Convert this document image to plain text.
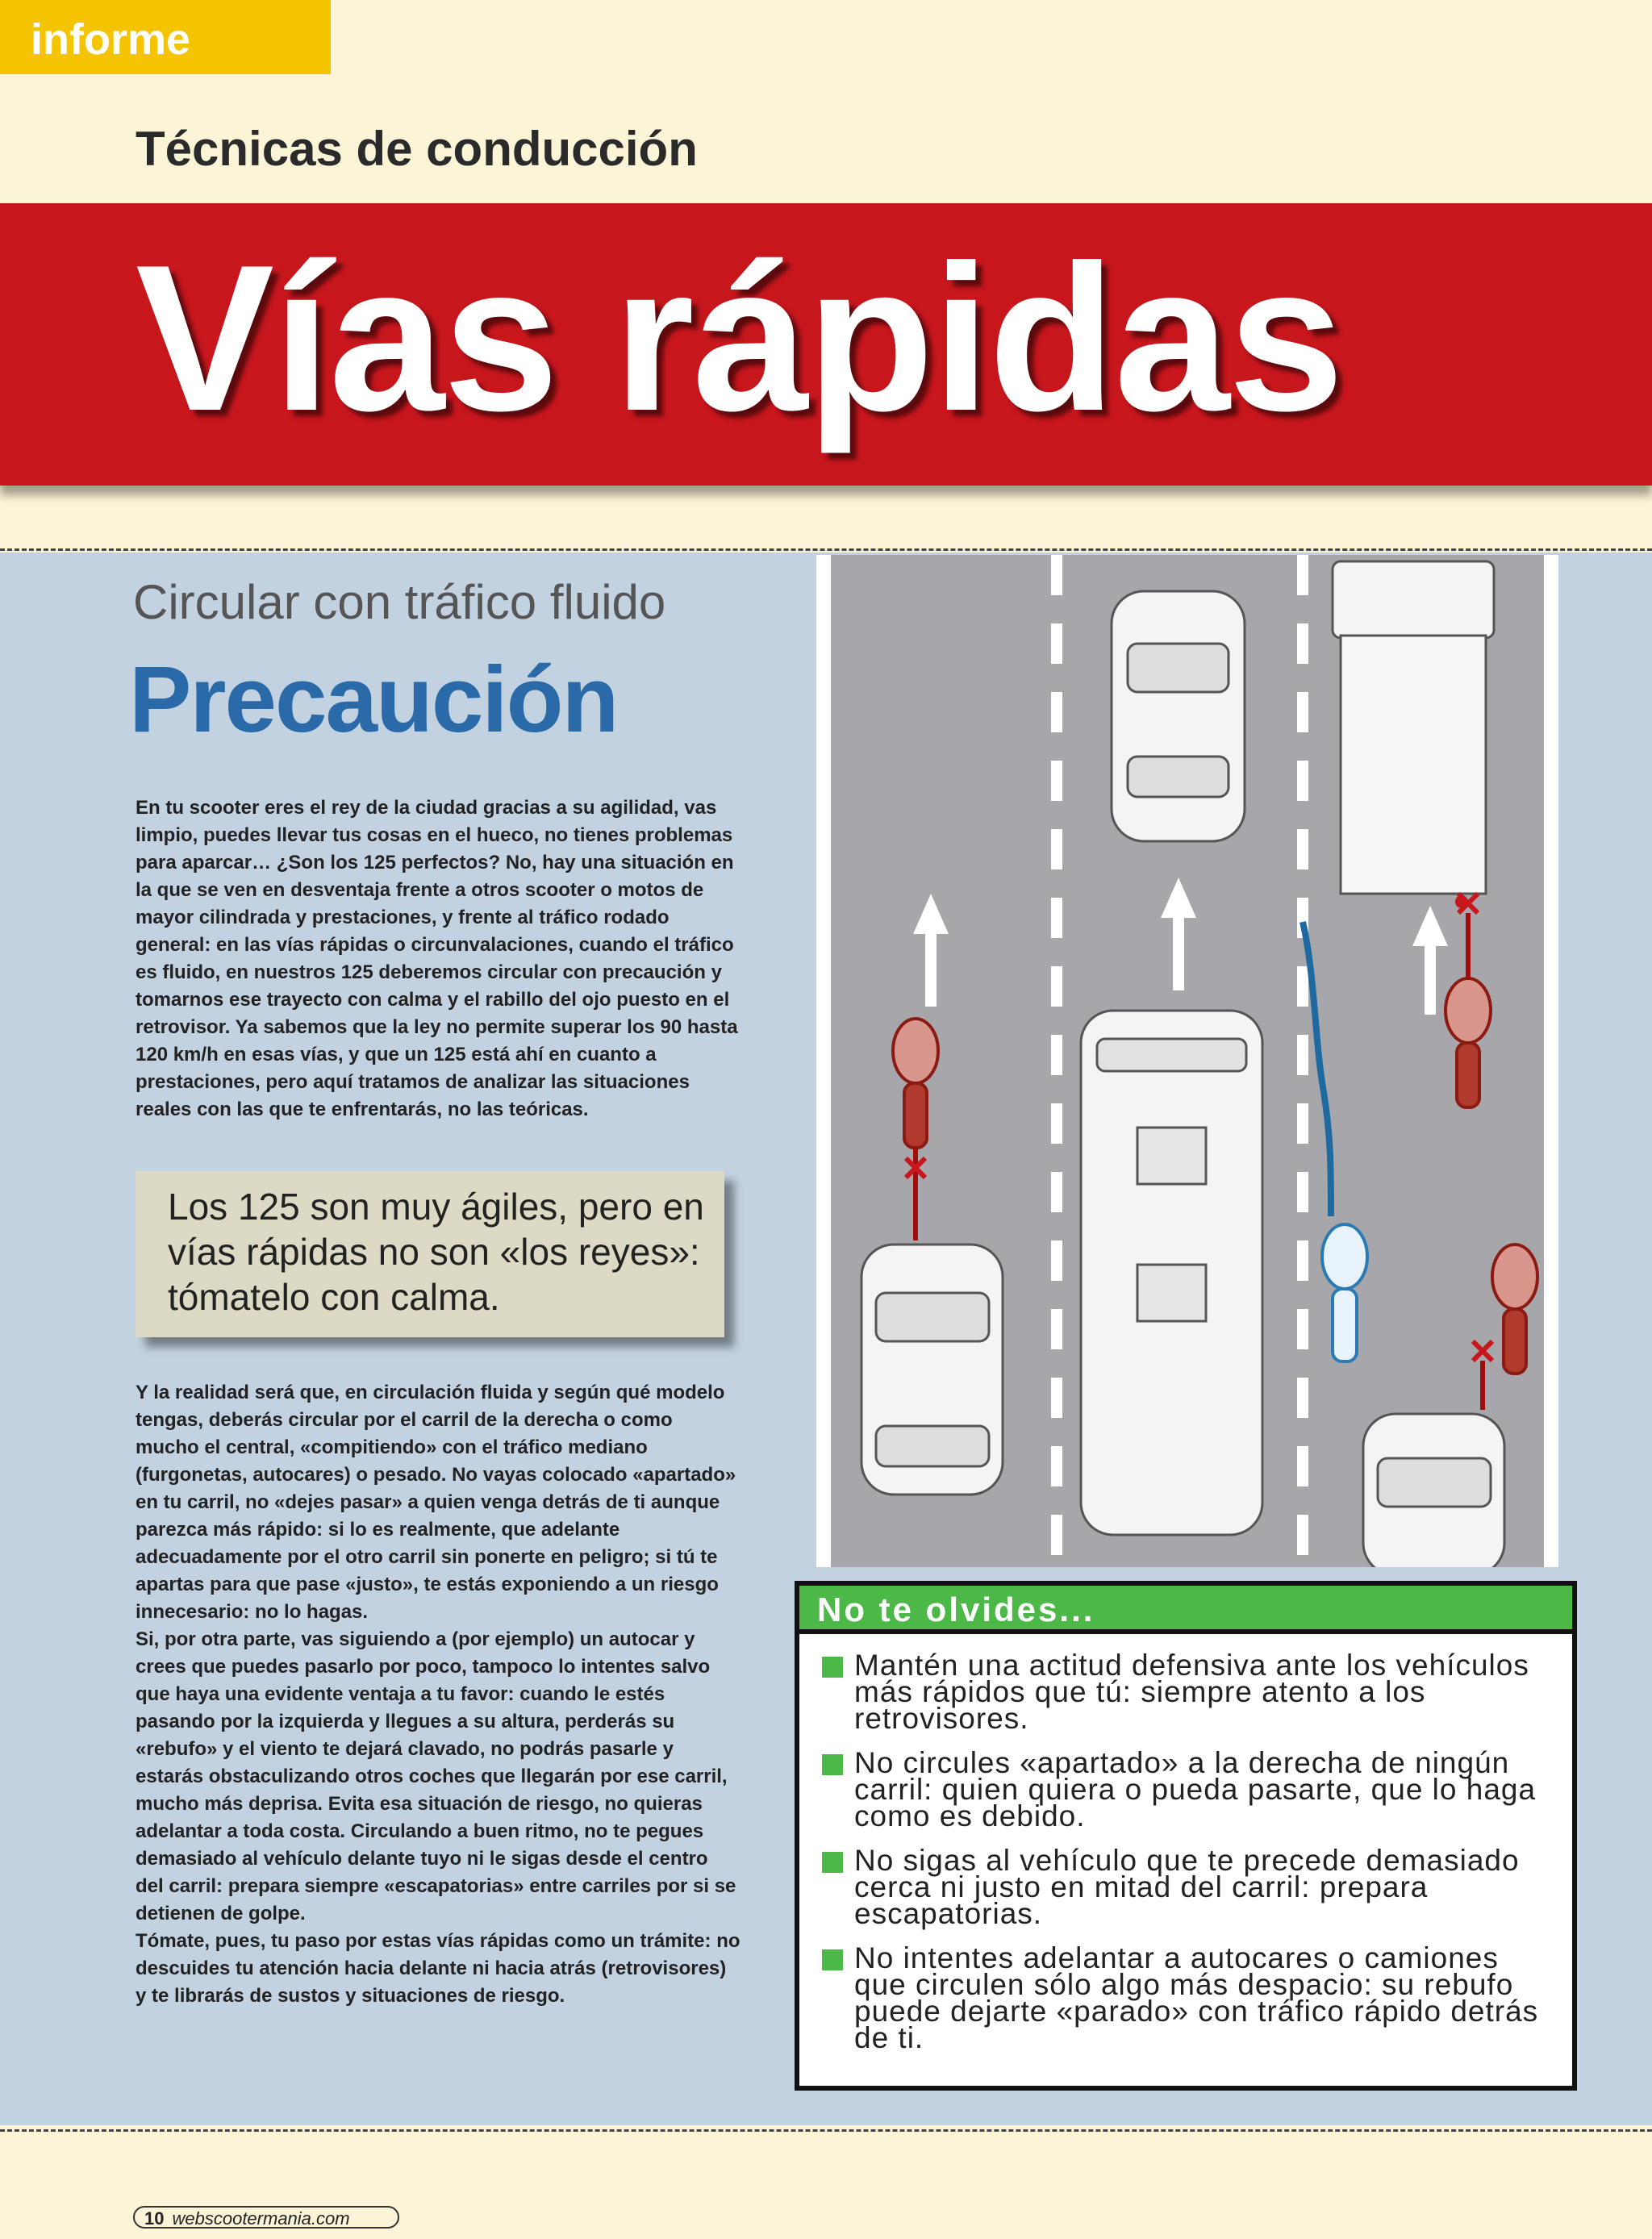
informe
Técnicas de conducción
Vías rápidas
Circular con tráfico fluido
Precaución

En tu scooter eres el rey de la ciudad gracias a su agilidad, vas limpio, puedes llevar tus cosas en el hueco, no tienes problemas para aparcar… ¿Son los 125 perfectos? No, hay una situación en la que se ven en desventaja frente a otros scooter o motos de mayor cilindrada y prestaciones, y frente al tráfico rodado general: en las vías rápidas o circunvalaciones, cuando el tráfico es fluido, en nuestros 125 deberemos circular con precaución y tomarnos ese trayecto con calma y el rabillo del ojo puesto en el retrovisor. Ya sabemos que la ley no permite superar los 90 hasta 120 km/h en esas vías, y que un 125 está ahí en cuanto a prestaciones, pero aquí tratamos de analizar las situaciones reales con las que te enfrentarás, no las teóricas.

Los 125 son muy ágiles, pero en vías rápidas no son «los reyes»: tómatelo con calma.

Y la realidad será que, en circulación fluida y según qué modelo tengas, deberás circular por el carril de la derecha o como mucho el central, «compitiendo» con el tráfico mediano (furgonetas, autocares) o pesado. No vayas colocado «apartado» en tu carril, no «dejes pasar» a quien venga detrás de ti aunque parezca más rápido: si lo es realmente, que adelante adecuadamente por el otro carril sin ponerte en peligro; si tú te apartas para que pase «justo», te estás exponiendo a un riesgo innecesario: no lo hagas.

Si, por otra parte, vas siguiendo a (por ejemplo) un autocar y crees que puedes pasarlo por poco, tampoco lo intentes salvo que haya una evidente ventaja a tu favor: cuando le estés pasando por la izquierda y llegues a su altura, perderás su «rebufo» y el viento te dejará clavado, no podrás pasarle y estarás obstaculizando otros coches que llegarán por ese carril, mucho más deprisa. Evita esa situación de riesgo, no quieras adelantar a toda costa. Circulando a buen ritmo, no te pegues demasiado al vehículo delante tuyo ni le sigas desde el centro del carril: prepara siempre «escapatorias» entre carriles por si se detienen de golpe.

Tómate, pues, tu paso por estas vías rápidas como un trámite: no descuides tu atención hacia delante ni hacia atrás (retrovisores) y te librarás de sustos y situaciones de riesgo.

No te olvides...
Mantén una actitud defensiva ante los vehículos más rápidos que tú: siempre atento a los retrovisores.
No circules «apartado» a la derecha de ningún carril: quien quiera o pueda pasarte, que lo haga como es debido.
No sigas al vehículo que te precede demasiado cerca ni justo en mitad del carril: prepara escapatorias.
No intentes adelantar a autocares o camiones que circulen sólo algo más despacio: su rebufo puede dejarte «parado» con tráfico rápido detrás de ti.
10 webscootermania.com
